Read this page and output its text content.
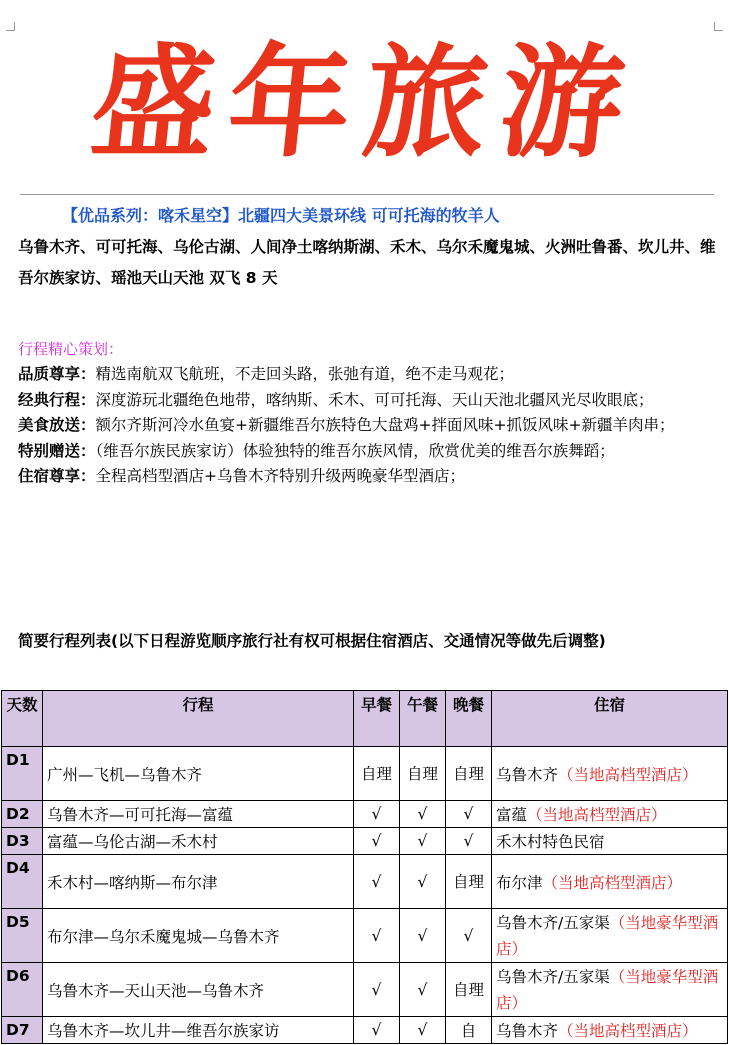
盛年旅游
【优品系列：喀禾星空】北疆四大美景环线 可可托海的牧羊人
乌鲁木齐、可可托海、乌伦古湖、人间净土喀纳斯湖、禾木、乌尔禾魔鬼城、火洲吐鲁番、坎儿井、维吾尔族家访、瑶池天山天池 双飞 8 天
行程精心策划：

品质尊享：精选南航双飞航班，不走回头路，张弛有道，绝不走马观花；

经典行程：深度游玩北疆绝色地带，喀纳斯、禾木、可可托海、天山天池北疆风光尽收眼底；

美食放送：额尔齐斯河冷水鱼宴+新疆维吾尔族特色大盘鸡+拌面风味+抓饭风味+新疆羊肉串；

特别赠送：（维吾尔族民族家访）体验独特的维吾尔族风情，欣赏优美的维吾尔族舞蹈；

住宿尊享：全程高档型酒店+乌鲁木齐特别升级两晚豪华型酒店；

简要行程列表(以下日程游览顺序旅行社有权可根据住宿酒店、交通情况等做先后调整)
天数	行程	早餐	午餐	晚餐	住宿
D1	广州—飞机—乌鲁木齐	自理	自理	自理	乌鲁木齐（当地高档型酒店）
D2	乌鲁木齐—可可托海—富蕴	√	√	√	富蕴（当地高档型酒店）
D3	富蕴—乌伦古湖—禾木村	√	√	√	禾木村特色民宿
D4	禾木村—喀纳斯—布尔津	√	√	自理	布尔津（当地高档型酒店）
D5	布尔津—乌尔禾魔鬼城—乌鲁木齐	√	√	√	乌鲁木齐/五家渠（当地豪华型酒店）
D6	乌鲁木齐—天山天池—乌鲁木齐	√	√	自理	乌鲁木齐/五家渠（当地豪华型酒店）
D7	乌鲁木齐—坎儿井—维吾尔族家访	√	√	自	乌鲁木齐（当地高档型酒店）
